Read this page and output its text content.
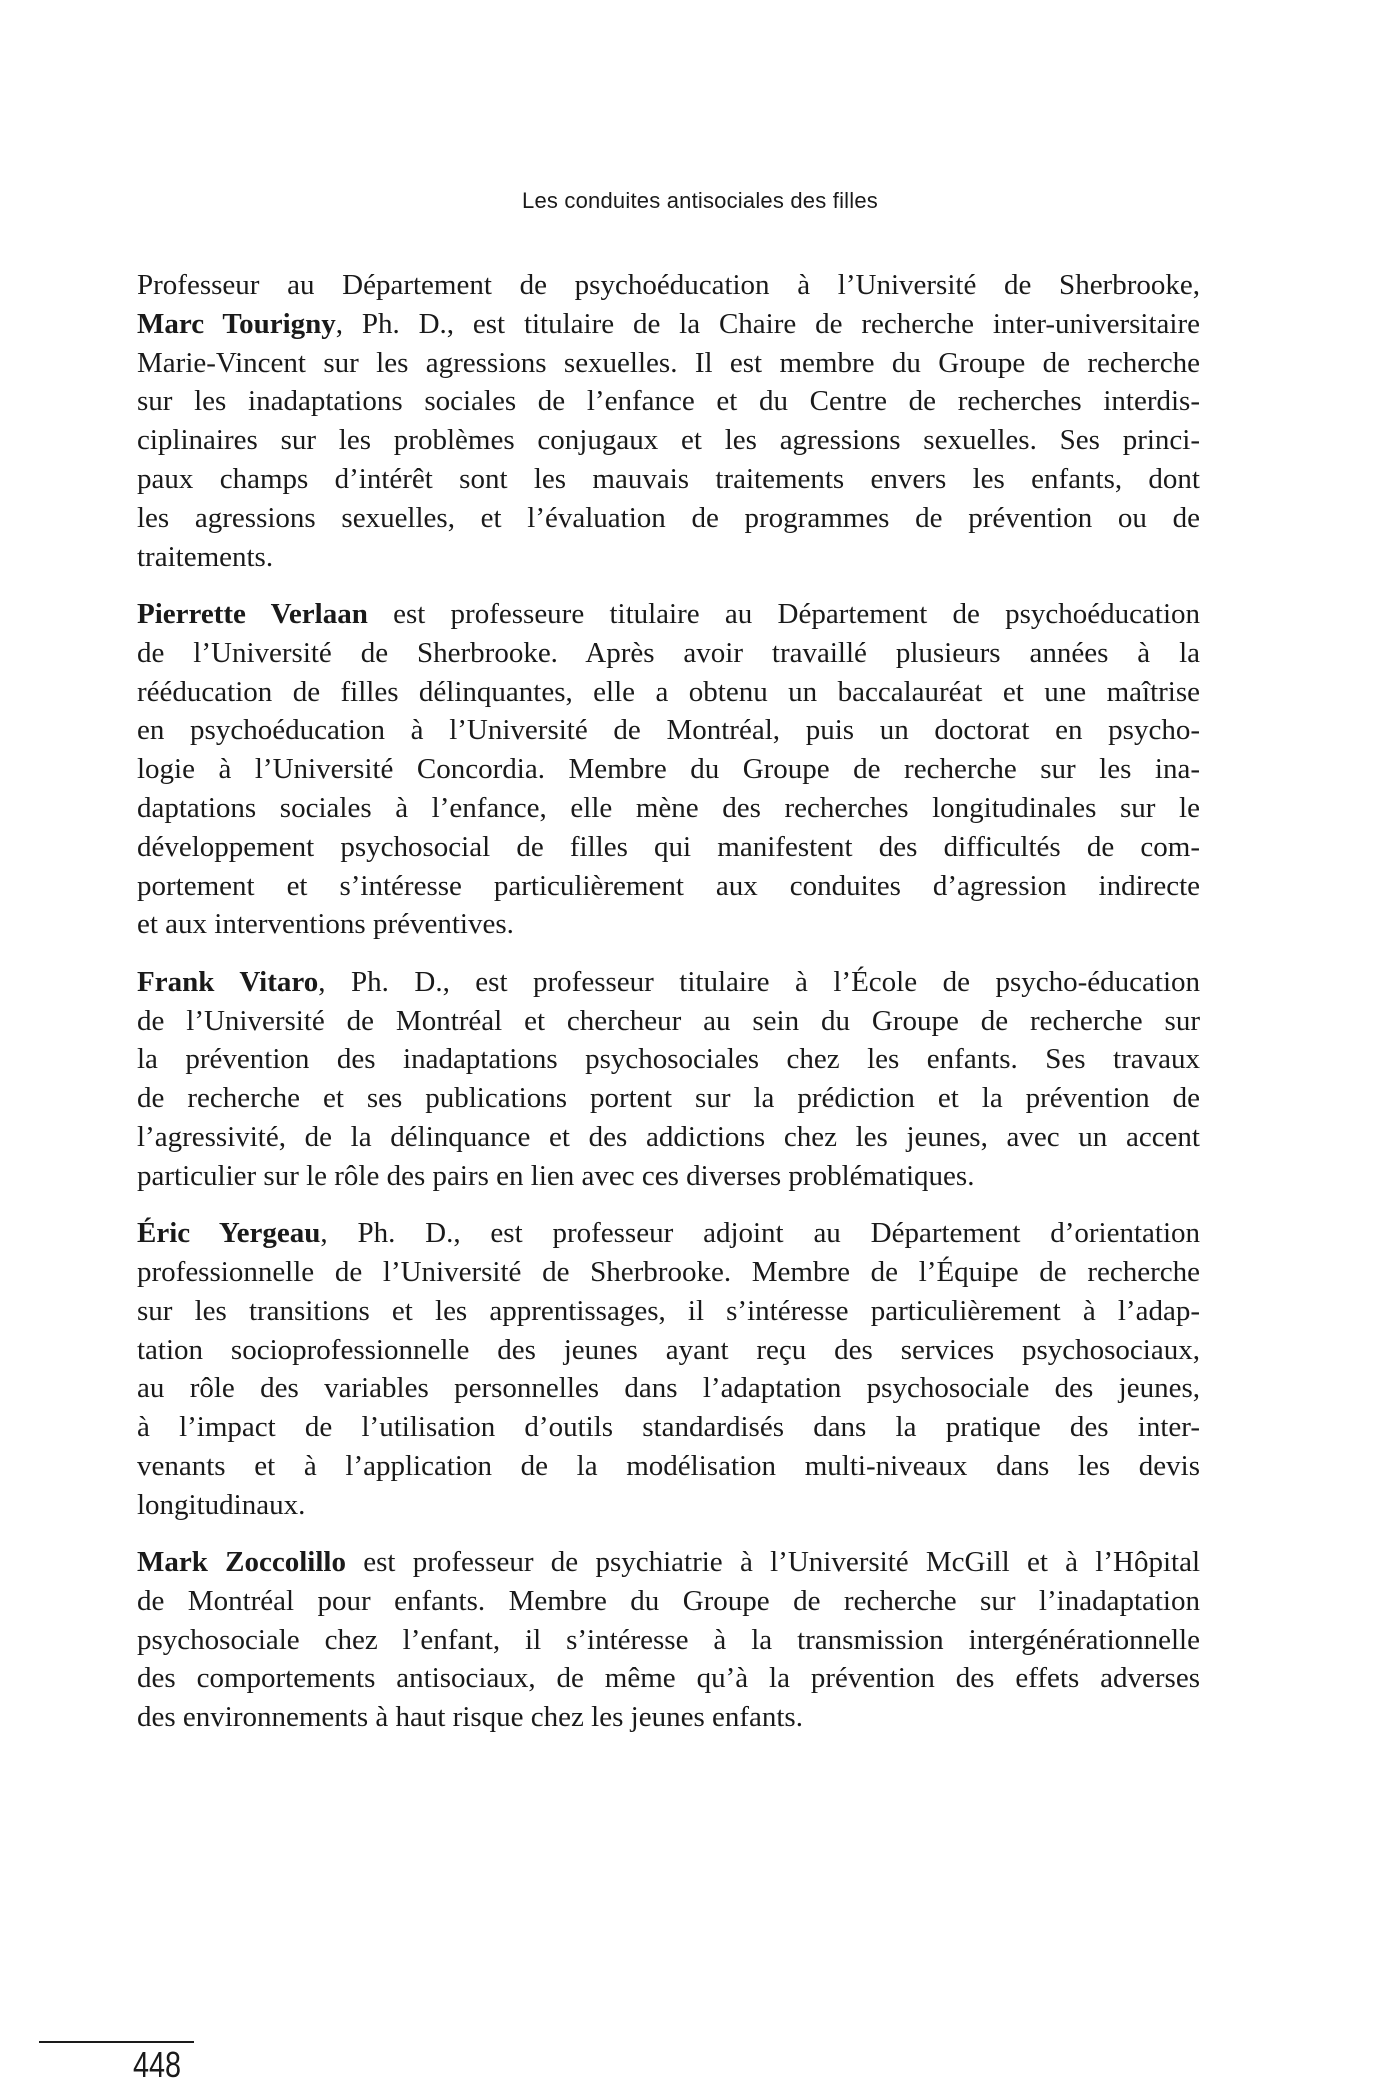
Les conduites antisociales des filles
Professeur au Département de psychoéducation à l’Université de Sherbrooke,
Marc Tourigny, Ph. D., est titulaire de la Chaire de recherche inter-universitaire
Marie-Vincent sur les agressions sexuelles. Il est membre du Groupe de recherche
sur les inadaptations sociales de l’enfance et du Centre de recherches interdis-
ciplinaires sur les problèmes conjugaux et les agressions sexuelles. Ses princi-
paux champs d’intérêt sont les mauvais traitements envers les enfants, dont
les agressions sexuelles, et l’évaluation de programmes de prévention ou de
traitements.
Pierrette Verlaan est professeure titulaire au Département de psychoéducation
de l’Université de Sherbrooke. Après avoir travaillé plusieurs années à la
rééducation de filles délinquantes, elle a obtenu un baccalauréat et une maîtrise
en psychoéducation à l’Université de Montréal, puis un doctorat en psycho-
logie à l’Université Concordia. Membre du Groupe de recherche sur les ina-
daptations sociales à l’enfance, elle mène des recherches longitudinales sur le
développement psychosocial de filles qui manifestent des difficultés de com-
portement et s’intéresse particulièrement aux conduites d’agression indirecte
et aux interventions préventives.
Frank Vitaro, Ph. D., est professeur titulaire à l’École de psycho-éducation
de l’Université de Montréal et chercheur au sein du Groupe de recherche sur
la prévention des inadaptations psychosociales chez les enfants. Ses travaux
de recherche et ses publications portent sur la prédiction et la prévention de
l’agressivité, de la délinquance et des addictions chez les jeunes, avec un accent
particulier sur le rôle des pairs en lien avec ces diverses problématiques.
Éric Yergeau, Ph. D., est professeur adjoint au Département d’orientation
professionnelle de l’Université de Sherbrooke. Membre de l’Équipe de recherche
sur les transitions et les apprentissages, il s’intéresse particulièrement à l’adap-
tation socioprofessionnelle des jeunes ayant reçu des services psychosociaux,
au rôle des variables personnelles dans l’adaptation psychosociale des jeunes,
à l’impact de l’utilisation d’outils standardisés dans la pratique des inter-
venants et à l’application de la modélisation multi-niveaux dans les devis
longitudinaux.
Mark Zoccolillo est professeur de psychiatrie à l’Université McGill et à l’Hôpital
de Montréal pour enfants. Membre du Groupe de recherche sur l’inadaptation
psychosociale chez l’enfant, il s’intéresse à la transmission intergénérationnelle
des comportements antisociaux, de même qu’à la prévention des effets adverses
des environnements à haut risque chez les jeunes enfants.
448
